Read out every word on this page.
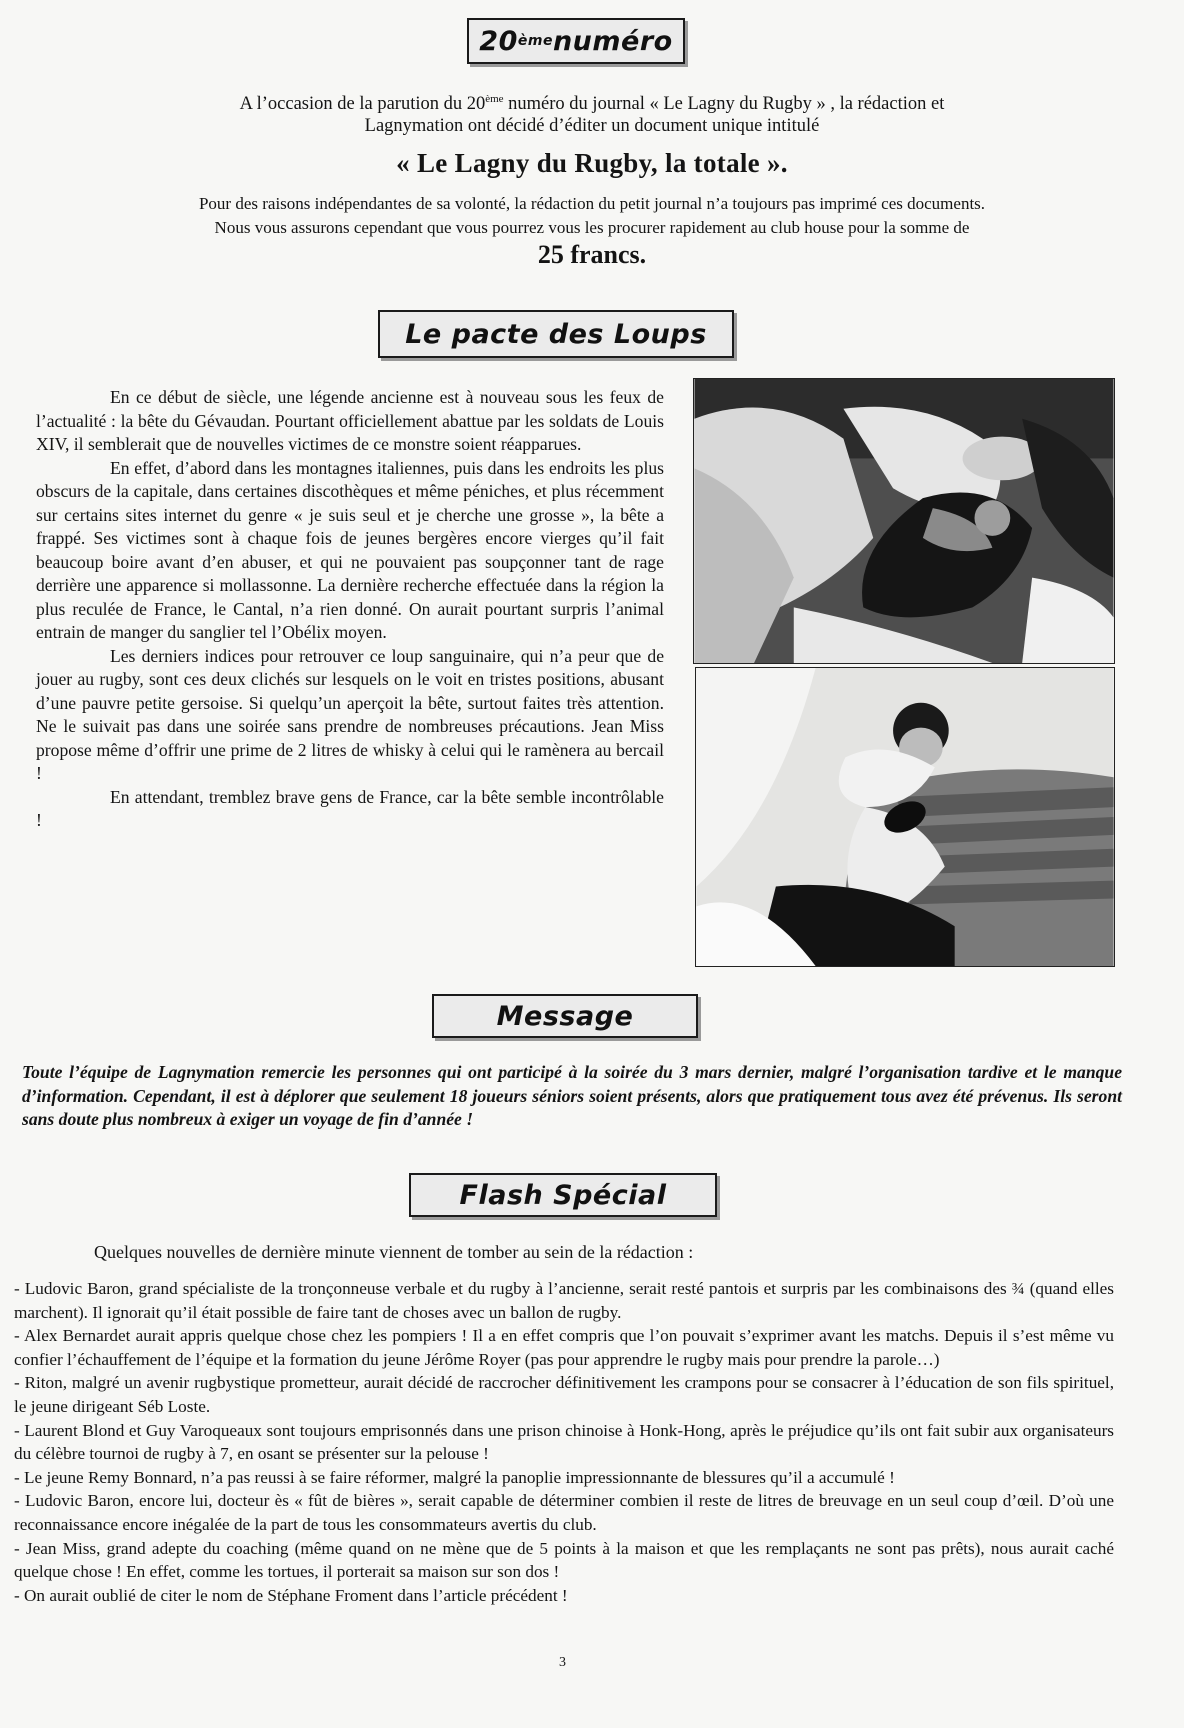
20 ème numéro
A l’occasion de la parution du 20ème numéro du journal « Le Lagny du Rugby » , la rédaction et
Lagnymation ont décidé d’éditer un document unique intitulé
« Le Lagny du Rugby, la totale ».
Pour des raisons indépendantes de sa volonté, la rédaction du petit journal n’a toujours pas imprimé ces documents.
Nous vous assurons cependant que vous pourrez vous les procurer rapidement au club house pour la somme de
25 francs.
Le pacte des Loups

En ce début de siècle, une légende ancienne est à nouveau sous les feux de l’actualité : la bête du Gévaudan. Pourtant officiellement abattue par les soldats de Louis XIV, il semblerait que de nouvelles victimes de ce monstre soient réapparues.

En effet, d’abord dans les montagnes italiennes, puis dans les endroits les plus obscurs de la capitale, dans certaines discothèques et même péniches, et plus récemment sur certains sites internet du genre « je suis seul et je cherche une grosse », la bête a frappé. Ses victimes sont à chaque fois de jeunes bergères encore vierges qu’il fait beaucoup boire avant d’en abuser, et qui ne pouvaient pas soupçonner tant de rage derrière une apparence si mollassonne. La dernière recherche effectuée dans la région la plus reculée de France, le Cantal, n’a rien donné. On aurait pourtant surpris l’animal entrain de manger du sanglier tel l’Obélix moyen.

Les derniers indices pour retrouver ce loup sanguinaire, qui n’a peur que de jouer au rugby, sont ces deux clichés sur lesquels on le voit en tristes positions, abusant d’une pauvre petite gersoise. Si quelqu’un aperçoit la bête, surtout faites très attention. Ne le suivait pas dans une soirée sans prendre de nombreuses précautions. Jean Miss propose même d’offrir une prime de 2 litres de whisky à celui qui le ramènera au bercail !

En attendant, tremblez brave gens de France, car la bête semble incontrôlable !

Message
Toute l’équipe de Lagnymation remercie les personnes qui ont participé à la soirée du 3 mars dernier, malgré l’organisation tardive et le manque d’information. Cependant, il est à déplorer que seulement 18 joueurs séniors soient présents, alors que pratiquement tous avez été prévenus. Ils seront sans doute plus nombreux à exiger un voyage de fin d’année !
Flash Spécial
Quelques nouvelles de dernière minute viennent de tomber au sein de la rédaction :
- Ludovic Baron, grand spécialiste de la tronçonneuse verbale et du rugby à l’ancienne, serait resté pantois et surpris par les combinaisons des ¾ (quand elles marchent). Il ignorait qu’il était possible de faire tant de choses avec un ballon de rugby.
- Alex Bernardet aurait appris quelque chose chez les pompiers ! Il a en effet compris que l’on pouvait s’exprimer avant les matchs. Depuis il s’est même vu confier l’échauffement de l’équipe et la formation du jeune Jérôme Royer (pas pour apprendre le rugby mais pour prendre la parole…)
- Riton, malgré un avenir rugbystique prometteur, aurait décidé de raccrocher définitivement les crampons pour se consacrer à l’éducation de son fils spirituel, le jeune dirigeant Séb Loste.
- Laurent Blond et Guy Varoqueaux sont toujours emprisonnés dans une prison chinoise à Honk-Hong, après le préjudice qu’ils ont fait subir aux organisateurs du célèbre tournoi de rugby à 7, en osant se présenter sur la pelouse !
- Le jeune Remy Bonnard, n’a pas reussi à se faire réformer, malgré la panoplie impressionnante de blessures qu’il a accumulé !
- Ludovic Baron, encore lui, docteur ès « fût de bières », serait capable de déterminer combien il reste de litres de breuvage en un seul coup d’œil. D’où une reconnaissance encore inégalée de la part de tous les consommateurs avertis du club.
- Jean Miss, grand adepte du coaching (même quand on ne mène que de 5 points à la maison et que les remplaçants ne sont pas prêts), nous aurait caché quelque chose ! En effet, comme les tortues, il porterait sa maison sur son dos !
- On aurait oublié de citer le nom de Stéphane Froment dans l’article précédent !
3
